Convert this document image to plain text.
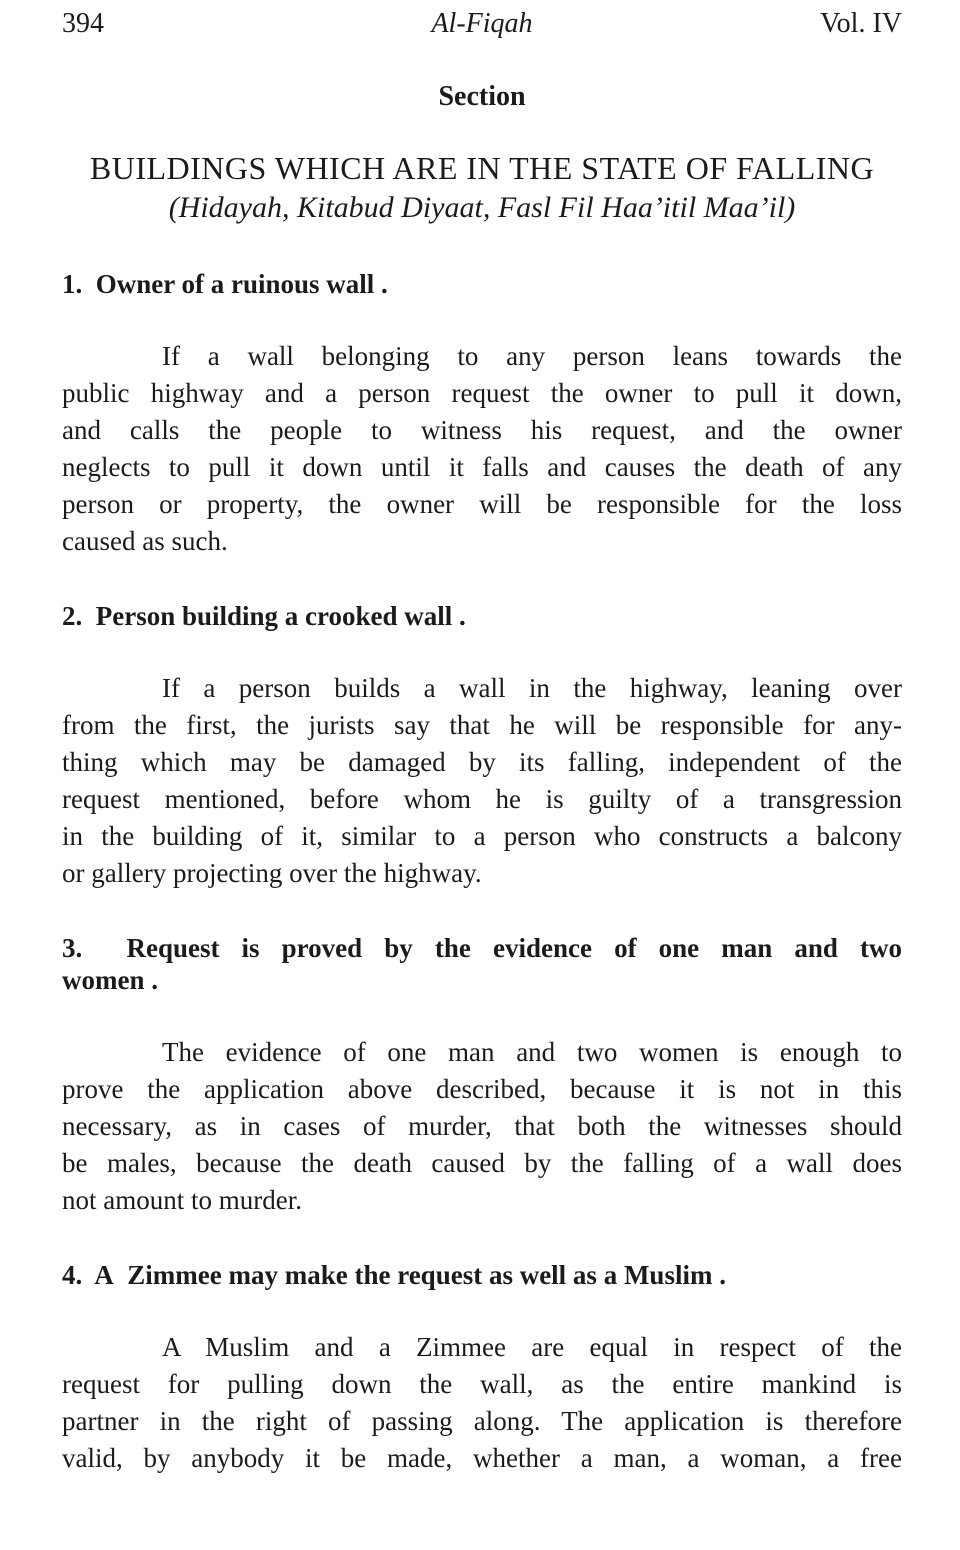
394	Al-Fiqah	Vol. IV
Section
BUILDINGS WHICH ARE IN THE STATE OF FALLING
(Hidayah, Kitabud Diyaat, Fasl Fil Haa’itil Maa’il)
1.  Owner of a ruinous wall .
If a wall belonging to any person leans towards the
public highway and a person request the owner to pull it down,
and calls the people to witness his request, and the owner
neglects to pull it down until it falls and causes the death of any
person or property, the owner will be responsible for the loss
caused as such.
2.  Person building a crooked wall .
If a person builds a wall in the highway, leaning over
from the first, the jurists say that he will be responsible for any-
thing which may be damaged by its falling, independent of the
request mentioned, before whom he is guilty of a transgression
in the building of it, similar to a person who constructs a balcony
or gallery projecting over the highway.
3.  Request is proved by the evidence of one man and two
women .
The evidence of one man and two women is enough to
prove the application above described, because it is not in this
necessary, as in cases of murder, that both the witnesses should
be males, because the death caused by the falling of a wall does
not amount to murder.
4.  A  Zimmee may make the request as well as a Muslim .
A Muslim and a Zimmee are equal in respect of the
request for pulling down the wall, as the entire mankind is
partner in the right of passing along. The application is therefore
valid, by anybody it be made, whether a man, a woman, a free
